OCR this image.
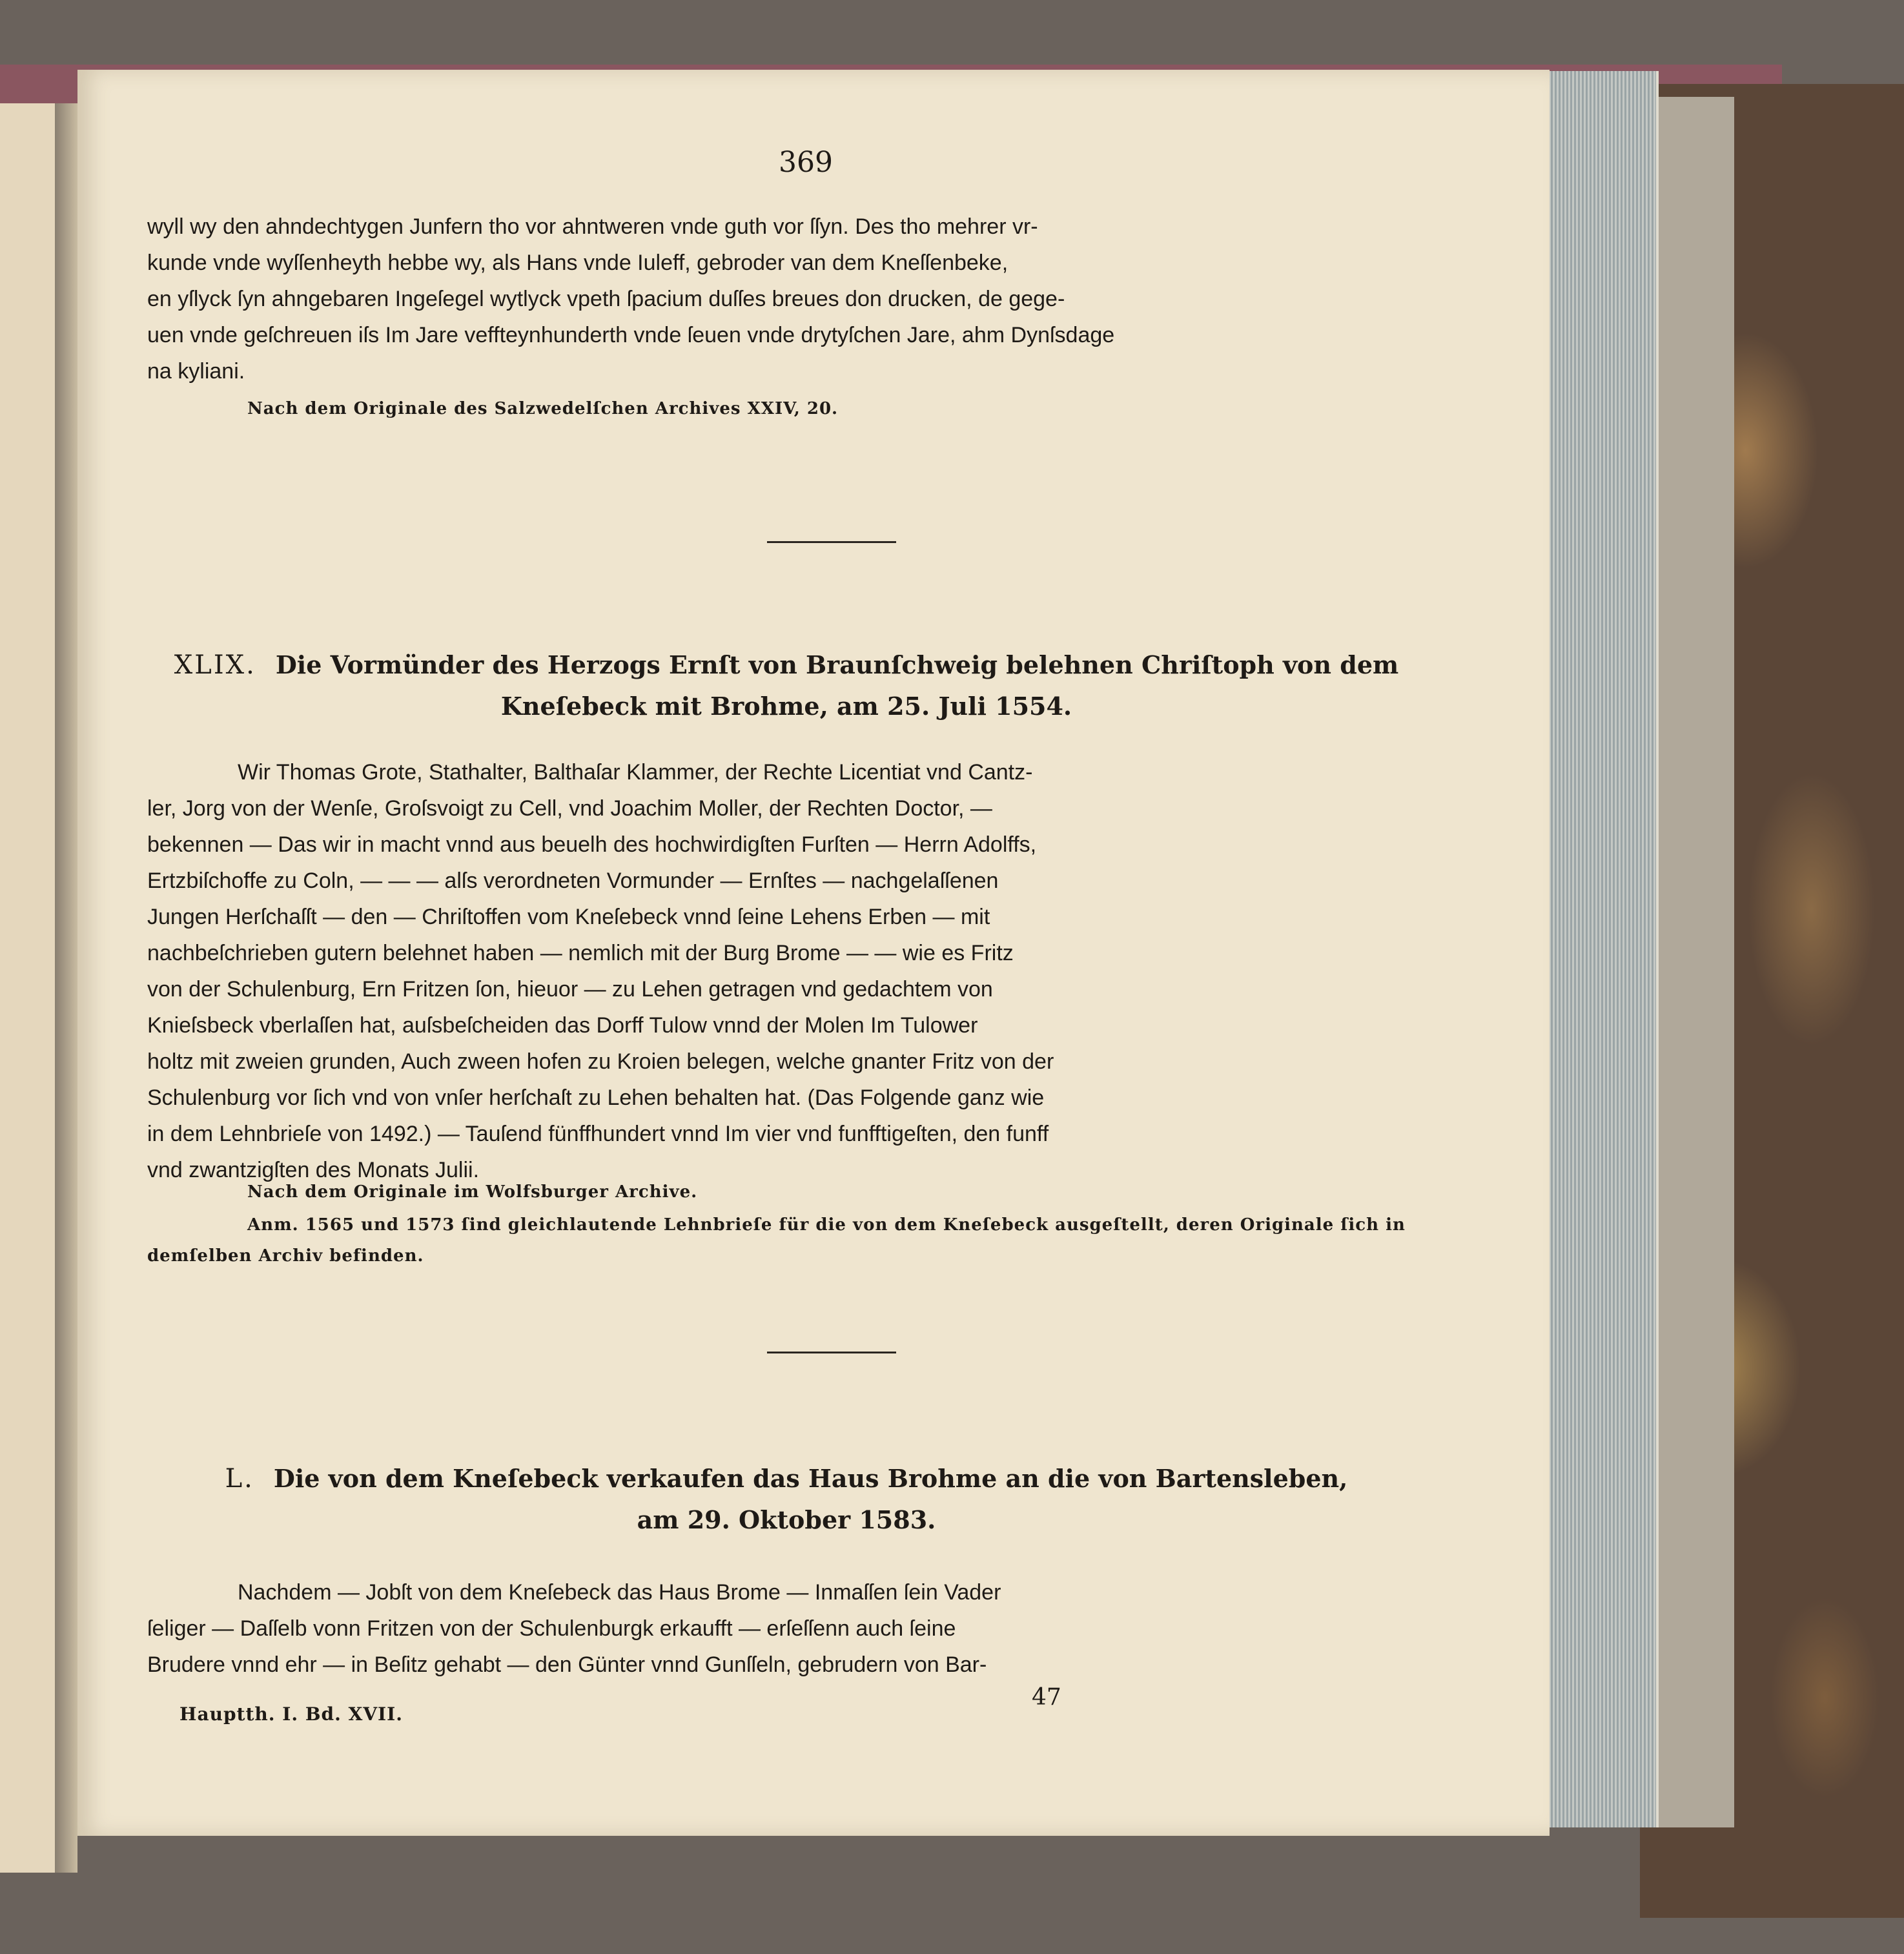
369

wyll wy den ahndechtygen Junfern tho vor ahntweren vnde guth vor ſſyn. Des tho mehrer vr-

kunde vnde wyſſenheyth hebbe wy, als Hans vnde Iuleff, gebroder van dem Kneſſenbeke,

en yſlyck ſyn ahngebaren Ingeſegel wytlyck vpeth ſpacium duſſes breues don drucken, de gege-

uen vnde geſchreuen iſs Im Jare veffteynhunderth vnde ſeuen vnde drytyſchen Jare, ahm Dynſsdage

na kyliani.

Nach dem Originale des Salzwedelſchen Archives XXIV, 20.
XLIX. Die Vormünder des Herzogs Ernſt von Braunſchweig belehnen Chriſtoph von dem
Kneſebeck mit Brohme, am 25. Juli 1554.

Wir Thomas Grote, Stathalter, Balthaſar Klammer, der Rechte Licentiat vnd Cantz-

ler, Jorg von der Wenſe, Groſsvoigt zu Cell, vnd Joachim Moller, der Rechten Doctor, —

bekennen — Das wir in macht vnnd aus beuelh des hochwirdigſten Furſten — Herrn Adolffs,

Ertzbiſchoffe zu Coln, — — — alſs verordneten Vormunder — Ernſtes — nachgelaſſenen

Jungen Herſchaſſt — den — Chriſtoffen vom Kneſebeck vnnd ſeine Lehens Erben — mit

nachbeſchrieben gutern belehnet haben — nemlich mit der Burg Brome — — wie es Fritz

von der Schulenburg, Ern Fritzen ſon, hieuor — zu Lehen getragen vnd gedachtem von

Knieſsbeck vberlaſſen hat, auſsbeſcheiden das Dorff Tulow vnnd der Molen Im Tulower

holtz mit zweien grunden, Auch zween hofen zu Kroien belegen, welche gnanter Fritz von der

Schulenburg vor ſich vnd von vnſer herſchaſt zu Lehen behalten hat. (Das Folgende ganz wie

in dem Lehnbrieſe von 1492.) — Tauſend fünffhundert vnnd Im vier vnd funfftigeſten, den funff

vnd zwantzigſten des Monats Julii.

Nach dem Originale im Wolfsburger Archive.
Anm. 1565 und 1573 ſind gleichlautende Lehnbrieſe für die von dem Kneſebeck ausgeſtellt, deren Originale ſich in
demſelben Archiv befinden.
L. Die von dem Kneſebeck verkaufen das Haus Brohme an die von Bartensleben,
am 29. Oktober 1583.

Nachdem — Jobſt von dem Kneſebeck das Haus Brome — Inmaſſen ſein Vader

ſeliger — Daſſelb vonn Fritzen von der Schulenburgk erkaufft — erſeſſenn auch ſeine

Brudere vnnd ehr — in Beſitz gehabt — den Günter vnnd Gunſſeln, gebrudern von Bar-

Hauptth. I. Bd. XVII.
47
